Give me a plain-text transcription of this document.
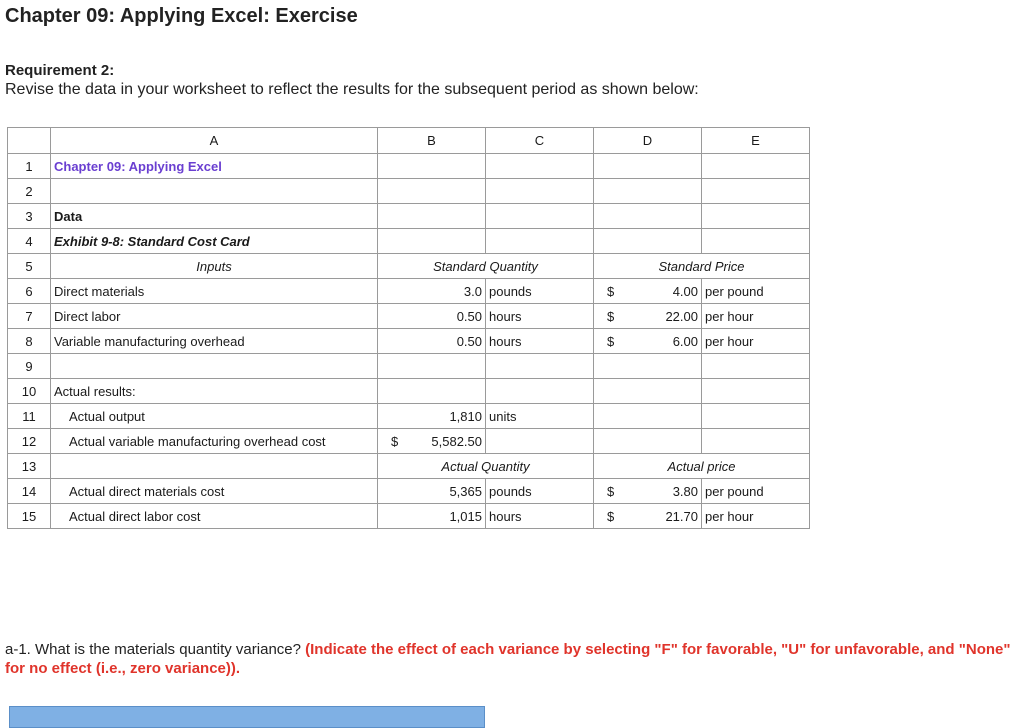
Chapter 09: Applying Excel: Exercise
Requirement 2:
Revise the data in your worksheet to reflect the results for the subsequent period as shown below:
	A	B	C	D	E
1	Chapter 09: Applying Excel				
2					
3	Data				
4	Exhibit 9-8: Standard Cost Card				
5	Inputs	Standard Quantity		Standard Price	
6	Direct materials	3.0	pounds	$ 4.00	per pound
7	Direct labor	0.50	hours	$ 22.00	per hour
8	Variable manufacturing overhead	0.50	hours	$ 6.00	per hour
9					
10	Actual results:				
11	Actual output	1,810	units		
12	Actual variable manufacturing overhead cost	$ 5,582.50			

13		Actual Quantity		Actual price	
14	Actual direct materials cost	5,365	pounds	$ 3.80	per pound
15	Actual direct labor cost	1,015	hours	$ 21.70	per hour
a-1. What is the materials quantity variance? (Indicate the effect of each variance by selecting "F" for favorable, "U" for unfavorable, and "None" for no effect (i.e., zero variance)).
